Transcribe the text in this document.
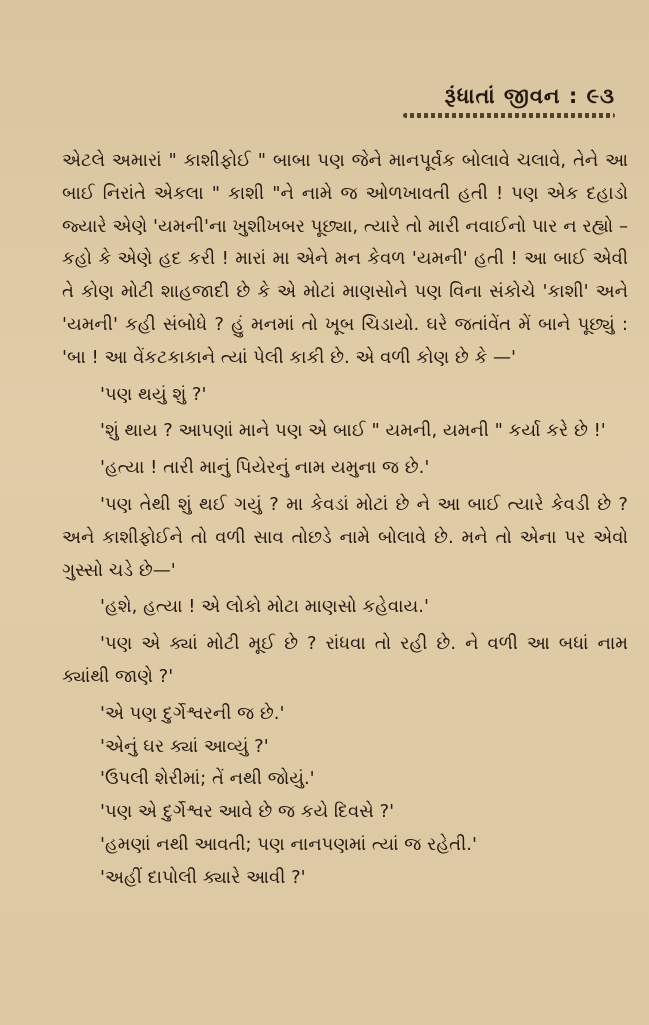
રૂંધાતાં જીવન : ૯૩

એટલે અમારાં " કાશીફોઈ " બાબા પણ જેને માનપૂર્વક બોલાવે ચલાવે, તેને આ બાઈ નિરાંતે એકલા " કાશી "ને નામે જ ઓળખાવતી હતી ! પણ એક દહાડો જ્યારે એણે 'યમની'ના ખુશીખબર પૂછ્યા, ત્યારે તો મારી નવાઈનો પાર ન રહ્યો – કહો કે એણે હદ કરી ! મારાં મા એને મન કેવળ 'યમની' હતી ! આ બાઈ એવી તે કોણ મોટી શાહજાદી છે કે એ મોટાં માણસોને પણ વિના સંકોચે 'કાશી' અને 'યમની' કહી સંબોધે ? હું મનમાં તો ખૂબ ચિડાયો. ઘરે જતાંવેંત મેં બાને પૂછ્યું : 'બા ! આ વેંકટકાકાને ત્યાં પેલી કાકી છે. એ વળી કોણ છે કે —'

'પણ થયું શું ?'

'શું થાય ? આપણાં માને પણ એ બાઈ " યમની, યમની " કર્યા કરે છે !'

'હત્યા ! તારી માનું પિયેરનું નામ યમુના જ છે.'

'પણ તેથી શું થઈ ગયું ? મા કેવડાં મોટાં છે ને આ બાઈ ત્યારે કેવડી છે ? અને કાશીફોઈને તો વળી સાવ તોછડે નામે બોલાવે છે. મને તો એના પર એવો ગુસ્સો ચડે છે—'

'હશે, હત્યા ! એ લોકો મોટા માણસો કહેવાય.'

'પણ એ ક્યાં મોટી મૂઈ છે ? રાંધવા તો રહી છે. ને વળી આ બધાં નામ ક્યાંથી જાણે ?'

'એ પણ દુર્ગેશ્વરની જ છે.'

'એનું ઘર ક્યાં આવ્યું ?'

'ઉપલી શેરીમાં; તેં નથી જોયું.'

'પણ એ દુર્ગેશ્વર આવે છે જ કયે દિવસે ?'

'હમણાં નથી આવતી; પણ નાનપણમાં ત્યાં જ રહેતી.'

'અહીં દાપોલી ક્યારે આવી ?'
